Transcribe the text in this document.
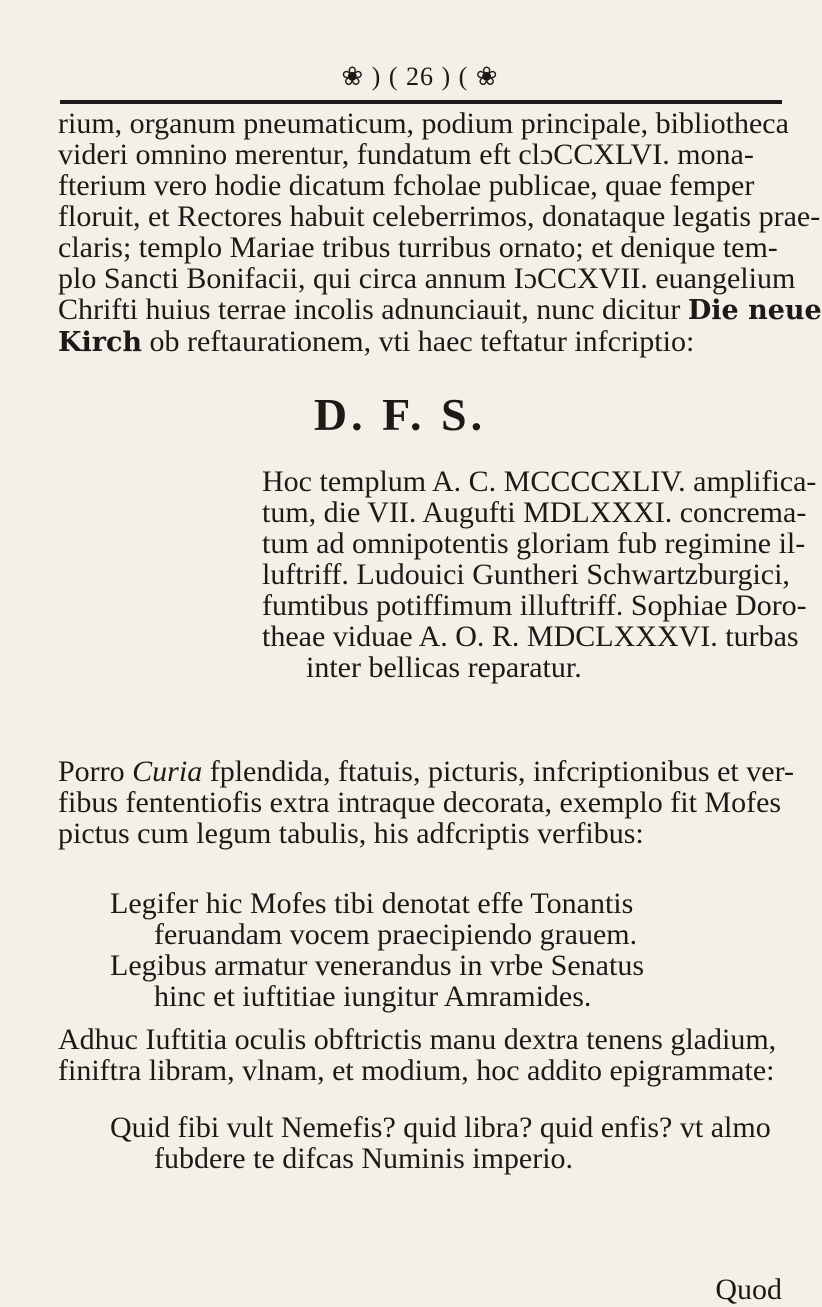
❀ ) ( 26 ) ( ❀
rium, organum pneumaticum, podium principale, bibliotheca
videri omnino merentur, fundatum eft clɔCCXLVI. mona-
fterium vero hodie dicatum fcholae publicae, quae femper
floruit, et Rectores habuit celeberrimos, donataque legatis prae-
claris; templo Mariae tribus turribus ornato; et denique tem-
plo Sancti Bonifacii, qui circa annum IɔCCXVII. euangelium
Chrifti huius terrae incolis adnunciauit, nunc dicitur Die neue
Kirch ob reftaurationem, vti haec teftatur infcriptio:
D. F. S.
Hoc templum A. C. MCCCCXLIV. amplifica-
tum, die VII. Augufti MDLXXXI. concrema-
tum ad omnipotentis gloriam fub regimine il-
luftriff. Ludouici Guntheri Schwartzburgici,
fumtibus potiffimum illuftriff. Sophiae Doro-
theae viduae A. O. R. MDCLXXXVI. turbas
inter bellicas reparatur.
Porro Curia fplendida, ftatuis, picturis, infcriptionibus et ver-
fibus fententiofis extra intraque decorata, exemplo fit Mofes
pictus cum legum tabulis, his adfcriptis verfibus:
Legifer hic Mofes tibi denotat effe Tonantis
feruandam vocem praecipiendo grauem.
Legibus armatur venerandus in vrbe Senatus
hinc et iuftitiae iungitur Amramides.
Adhuc Iuftitia oculis obftrictis manu dextra tenens gladium,
finiftra libram, vlnam, et modium, hoc addito epigrammate:
Quid fibi vult Nemefis? quid libra? quid enfis? vt almo
fubdere te difcas Numinis imperio.
Quod
